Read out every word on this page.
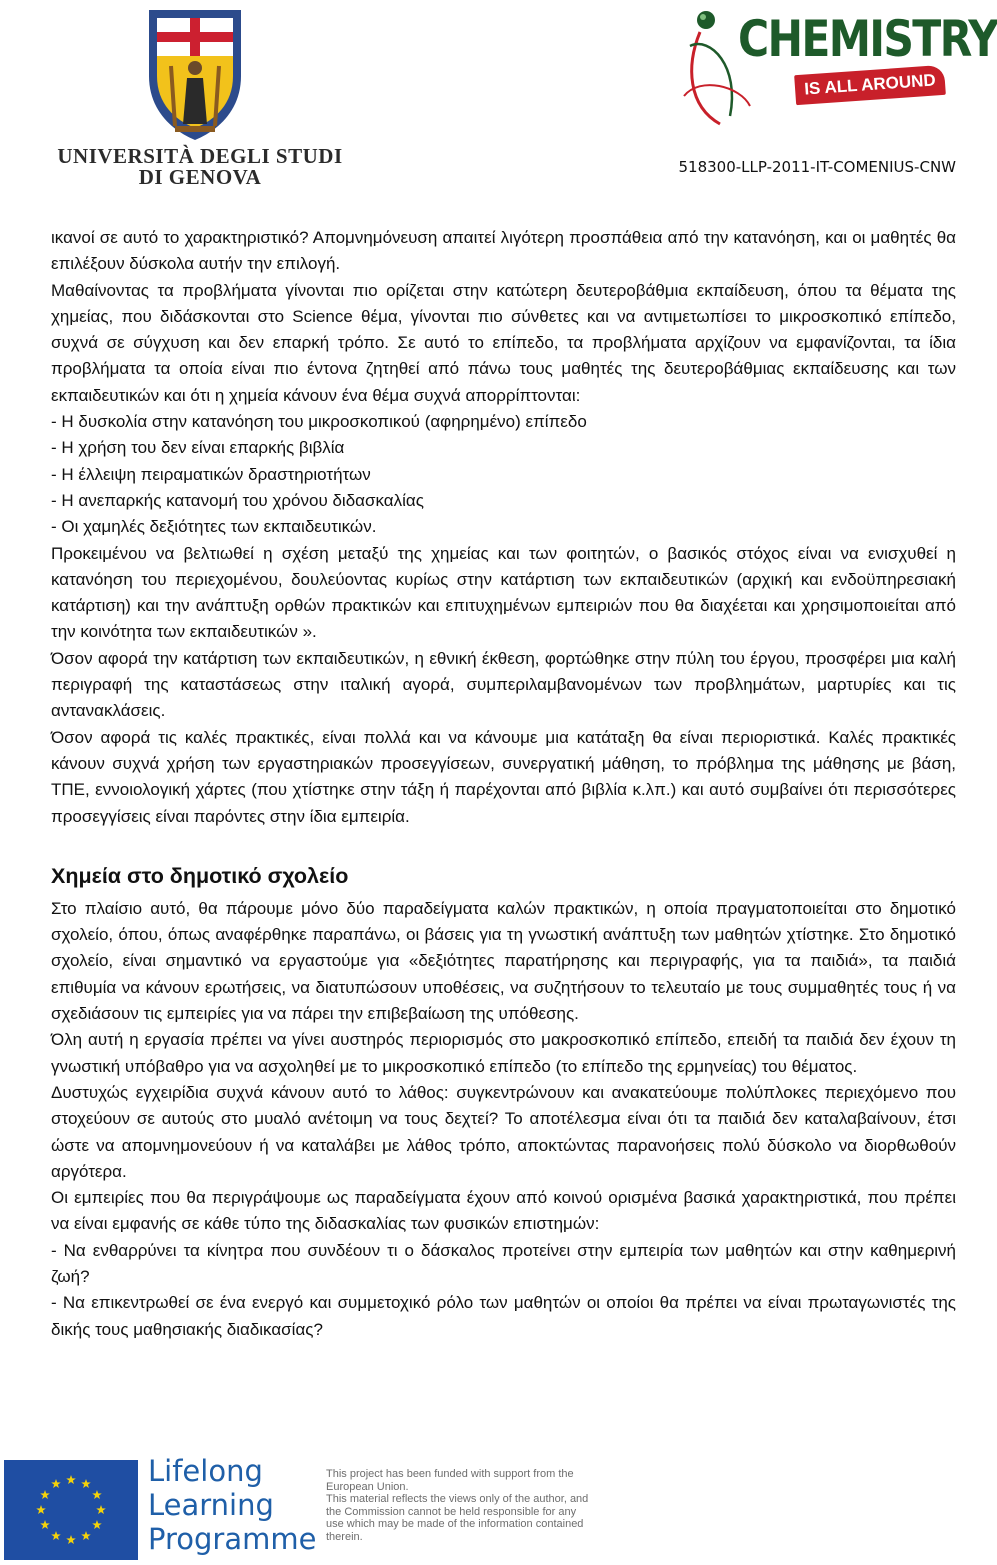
UNIVERSITÀ DEGLI STUDI
DI GENOVA
CHEMISTRY
IS ALL AROUND NETWORK
518300-LLP-2011-IT-COMENIUS-CNW

ικανοί σε αυτό το χαρακτηριστικό? Απομνημόνευση απαιτεί λιγότερη προσπάθεια από την κατανόηση, και οι μαθητές θα επιλέξουν δύσκολα αυτήν την επιλογή.

Μαθαίνοντας τα προβλήματα γίνονται πιο ορίζεται στην κατώτερη δευτεροβάθμια εκπαίδευση, όπου τα θέματα της χημείας, που διδάσκονται στο Science θέμα, γίνονται πιο σύνθετες και να αντιμετωπίσει το μικροσκοπικό επίπεδο, συχνά σε σύγχυση και δεν επαρκή τρόπο. Σε αυτό το επίπεδο, τα προβλήματα αρχίζουν να εμφανίζονται, τα ίδια προβλήματα τα οποία είναι πιο έντονα ζητηθεί από πάνω τους μαθητές της δευτεροβάθμιας εκπαίδευσης και των εκπαιδευτικών και ότι η χημεία κάνουν ένα θέμα συχνά απορρίπτονται:

- Η δυσκολία στην κατανόηση του μικροσκοπικού (αφηρημένο) επίπεδο

- Η χρήση του δεν είναι επαρκής βιβλία

- Η έλλειψη πειραματικών δραστηριοτήτων

- Η ανεπαρκής κατανομή του χρόνου διδασκαλίας

- Οι χαμηλές δεξιότητες των εκπαιδευτικών.

Προκειμένου να βελτιωθεί η σχέση μεταξύ της χημείας και των φοιτητών, ο βασικός στόχος είναι να ενισχυθεί η κατανόηση του περιεχομένου, δουλεύοντας κυρίως στην κατάρτιση των εκπαιδευτικών (αρχική και ενδοϋπηρεσιακή κατάρτιση) και την ανάπτυξη ορθών πρακτικών και επιτυχημένων εμπειριών που θα διαχέεται και χρησιμοποιείται από την κοινότητα των εκπαιδευτικών ».

Όσον αφορά την κατάρτιση των εκπαιδευτικών, η εθνική έκθεση, φορτώθηκε στην πύλη του έργου, προσφέρει μια καλή περιγραφή της καταστάσεως στην ιταλική αγορά, συμπεριλαμβανομένων των προβλημάτων, μαρτυρίες και τις αντανακλάσεις.

Όσον αφορά τις καλές πρακτικές, είναι πολλά και να κάνουμε μια κατάταξη θα είναι περιοριστικά. Καλές πρακτικές κάνουν συχνά χρήση των εργαστηριακών προσεγγίσεων, συνεργατική μάθηση, το πρόβλημα της μάθησης με βάση, ΤΠΕ, εννοιολογική χάρτες (που χτίστηκε στην τάξη ή παρέχονται από βιβλία κ.λπ.) και αυτό συμβαίνει ότι περισσότερες προσεγγίσεις είναι παρόντες στην ίδια εμπειρία.

Χημεία στο δημοτικό σχολείο

Στο πλαίσιο αυτό, θα πάρουμε μόνο δύο παραδείγματα καλών πρακτικών, η οποία πραγματοποιείται στο δημοτικό σχολείο, όπου, όπως αναφέρθηκε παραπάνω, οι βάσεις για τη γνωστική ανάπτυξη των μαθητών χτίστηκε. Στο δημοτικό σχολείο, είναι σημαντικό να εργαστούμε για «δεξιότητες παρατήρησης και περιγραφής, για τα παιδιά», τα παιδιά επιθυμία να κάνουν ερωτήσεις, να διατυπώσουν υποθέσεις, να συζητήσουν το τελευταίο με τους συμμαθητές τους ή να σχεδιάσουν τις εμπειρίες για να πάρει την επιβεβαίωση της υπόθεσης.

Όλη αυτή η εργασία πρέπει να γίνει αυστηρός περιορισμός στο μακροσκοπικό επίπεδο, επειδή τα παιδιά δεν έχουν τη γνωστική υπόβαθρο για να ασχοληθεί με το μικροσκοπικό επίπεδο (το επίπεδο της ερμηνείας) του θέματος.

Δυστυχώς εγχειρίδια συχνά κάνουν αυτό το λάθος: συγκεντρώνουν και ανακατεύουμε πολύπλοκες περιεχόμενο που στοχεύουν σε αυτούς στο μυαλό ανέτοιμη να τους δεχτεί? Το αποτέλεσμα είναι ότι τα παιδιά δεν καταλαβαίνουν, έτσι ώστε να απομνημονεύουν ή να καταλάβει με λάθος τρόπο, αποκτώντας παρανοήσεις πολύ δύσκολο να διορθωθούν αργότερα.

Οι εμπειρίες που θα περιγράψουμε ως παραδείγματα έχουν από κοινού ορισμένα βασικά χαρακτηριστικά, που πρέπει να είναι εμφανής σε κάθε τύπο της διδασκαλίας των φυσικών επιστημών:

- Να ενθαρρύνει τα κίνητρα που συνδέουν τι ο δάσκαλος προτείνει στην εμπειρία των μαθητών και στην καθημερινή ζωή?

- Να επικεντρωθεί σε ένα ενεργό και συμμετοχικό ρόλο των μαθητών οι οποίοι θα πρέπει να είναι πρωταγωνιστές της δικής τους μαθησιακής διαδικασίας?

Lifelong
Learning
Programme
This project has been funded with support from the European Union.
This material reflects the views only of the author, and the Commission cannot be held responsible for any use which may be made of the information contained therein.
